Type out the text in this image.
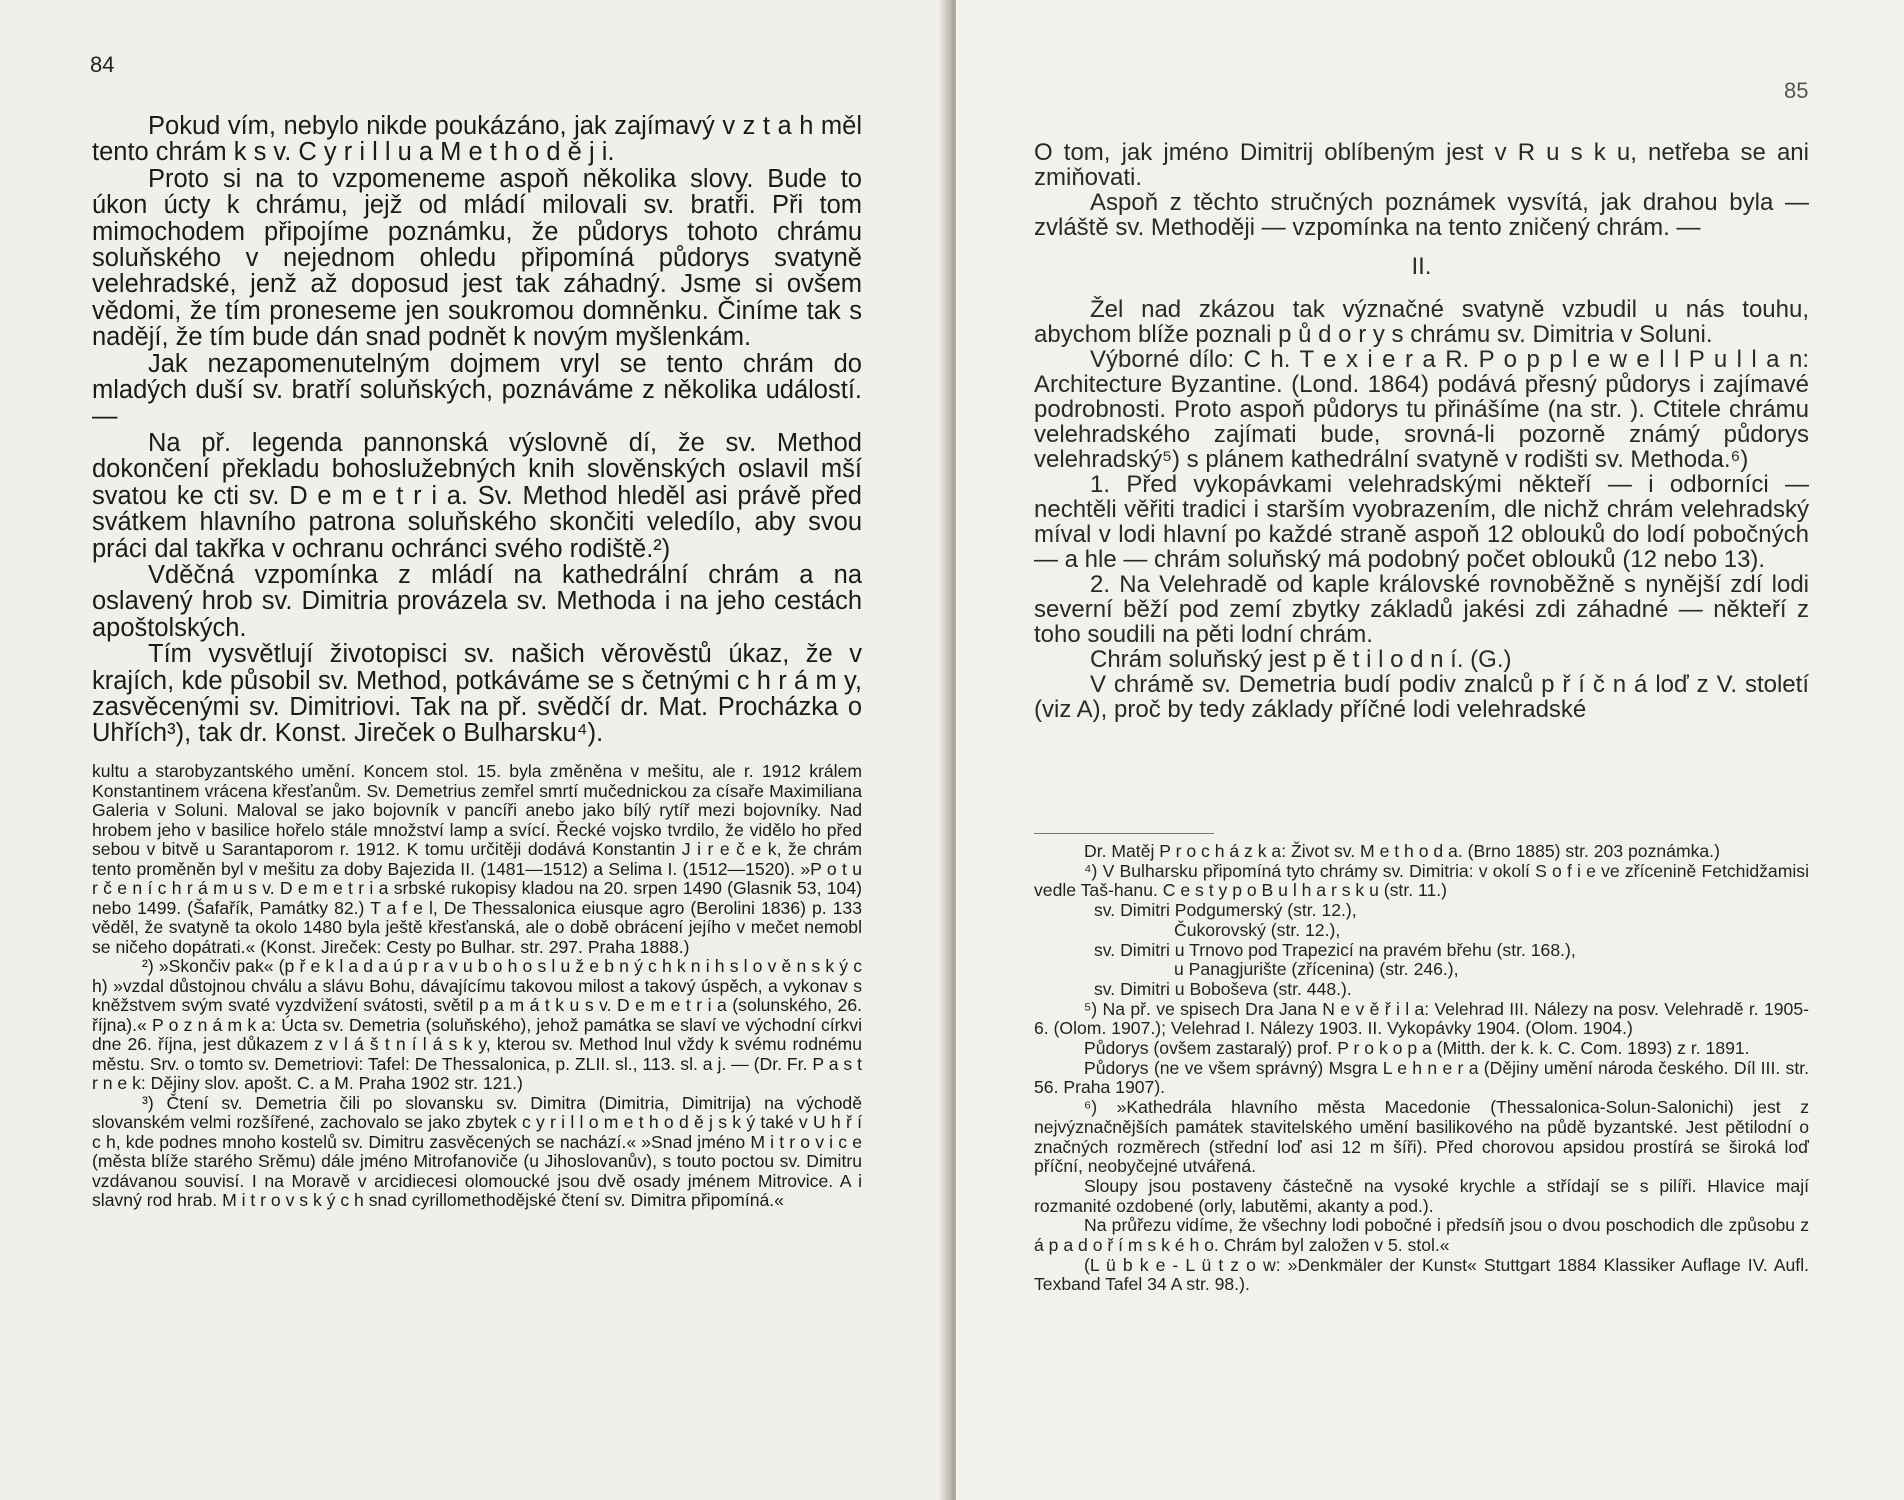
84

Pokud vím, nebylo nikde poukázáno, jak zajímavý v z t a h měl tento chrám k s v. C y r i l l u a M e t h o d ě j i.

Proto si na to vzpomeneme aspoň několika slovy. Bude to úkon úcty k chrámu, jejž od mládí milovali sv. bratři. Při tom mimochodem připojíme poznámku, že půdorys tohoto chrámu soluňského v nejednom ohledu připomíná půdorys svatyně velehradské, jenž až doposud jest tak záhadný. Jsme si ovšem vědomi, že tím proneseme jen soukromou domněnku. Činíme tak s nadějí, že tím bude dán snad podnět k novým myšlenkám.

Jak nezapomenutelným dojmem vryl se tento chrám do mladých duší sv. bratří soluňských, poznáváme z několika událostí. —

Na př. legenda pannonská výslovně dí, že sv. Method dokončení překladu bohoslužebných knih slověnských oslavil mší svatou ke cti sv. D e m e t r i a. Sv. Method hleděl asi právě před svátkem hlavního patrona soluňského skončiti veledílo, aby svou práci dal takřka v ochranu ochránci svého rodiště.²)

Vděčná vzpomínka z mládí na kathedrální chrám a na oslavený hrob sv. Dimitria provázela sv. Methoda i na jeho cestách apoštolských.

Tím vysvětlují životopisci sv. našich věrověstů úkaz, že v krajích, kde působil sv. Method, potkáváme se s četnými c h r á m y, zasvěcenými sv. Dimitriovi. Tak na př. svědčí dr. Mat. Procházka o Uhřích³), tak dr. Konst. Jireček o Bulharsku⁴).

kultu a starobyzantského umění. Koncem stol. 15. byla změněna v mešitu, ale r. 1912 králem Konstantinem vrácena křesťanům. Sv. Demetrius zemřel smrtí mučednickou za císaře Maximiliana Galeria v Soluni. Maloval se jako bojovník v pancíři anebo jako bílý rytíř mezi bojovníky. Nad hrobem jeho v basilice hořelo stále množství lamp a svící. Řecké vojsko tvrdilo, že vidělo ho před sebou v bitvě u Sarantaporom r. 1912. K tomu určitěji dodává Konstantin J i r e č e k, že chrám tento proměněn byl v mešitu za doby Bajezida II. (1481—1512) a Selima I. (1512—1520). »P o t u r č e n í c h r á m u s v. D e m e t r i a srbské rukopisy kladou na 20. srpen 1490 (Glasnik 53, 104) nebo 1499. (Šafařík, Památky 82.) T a f e l, De Thessalonica eiusque agro (Berolini 1836) p. 133 věděl, že svatyně ta okolo 1480 byla ještě křesťanská, ale o době obrácení jejího v mečet nemobl se ničeho dopátrati.« (Konst. Jireček: Cesty po Bulhar. str. 297. Praha 1888.)

²) »Skončiv pak« (p ř e k l a d a ú p r a v u b o h o s l u ž e b n ý c h k n i h s l o v ě n s k ý c h) »vzdal důstojnou chválu a slávu Bohu, dávajícímu takovou milost a takový úspěch, a vykonav s kněžstvem svým svaté vyzdvižení svátosti, světil p a m á t k u s v. D e m e t r i a (solunského, 26. října).« P o z n á m k a: Úcta sv. Demetria (soluňského), jehož památka se slaví ve východní církvi dne 26. října, jest důkazem z v l á š t n í l á s k y, kterou sv. Method lnul vždy k svému rodnému městu. Srv. o tomto sv. Demetriovi: Tafel: De Thessalonica, p. ZLII. sl., 113. sl. a j. — (Dr. Fr. P a s t r n e k: Dějiny slov. apošt. C. a M. Praha 1902 str. 121.)

³) Čtení sv. Demetria čili po slovansku sv. Dimitra (Dimitria, Dimitrija) na východě slovanském velmi rozšířené, zachovalo se jako zbytek c y r i l l o m e t h o d ě j s k ý také v U h ř í c h, kde podnes mnoho kostelů sv. Dimitru zasvěcených se nachází.« »Snad jméno M i t r o v i c e (města blíže starého Srěmu) dále jméno Mitrofanoviče (u Jihoslovanův), s touto poctou sv. Dimitru vzdávanou souvisí. I na Moravě v arcidiecesi olomoucké jsou dvě osady jménem Mitrovice. A i slavný rod hrab. M i t r o v s k ý c h snad cyrillomethodějské čtení sv. Dimitra připomíná.«

85

O tom, jak jméno Dimitrij oblíbeným jest v R u s k u, netřeba se ani zmiňovati.

Aspoň z těchto stručných poznámek vysvítá, jak drahou byla — zvláště sv. Methoději — vzpomínka na tento zničený chrám. —

II.

Žel nad zkázou tak význačné svatyně vzbudil u nás touhu, abychom blíže poznali p ů d o r y s chrámu sv. Dimitria v Soluni.

Výborné dílo: C h. T e x i e r a R. P o p p l e w e l l P u l l a n: Architecture Byzantine. (Lond. 1864) podává přesný půdorys i zajímavé podrobnosti. Proto aspoň půdorys tu přinášíme (na str. ). Ctitele chrámu velehradského zajímati bude, srovná-li pozorně známý půdorys velehradský⁵) s plánem kathedrální svatyně v rodišti sv. Methoda.⁶)

1. Před vykopávkami velehradskými někteří — i odborníci — nechtěli věřiti tradici i starším vyobrazením, dle nichž chrám velehradský míval v lodi hlavní po každé straně aspoň 12 oblouků do lodí pobočných — a hle — chrám soluňský má podobný počet oblouků (12 nebo 13).

2. Na Velehradě od kaple královské rovnoběžně s nynější zdí lodi severní běží pod zemí zbytky základů jakési zdi záhadné — někteří z toho soudili na pěti lodní chrám.

Chrám soluňský jest p ě t i l o d n í. (G.)

V chrámě sv. Demetria budí podiv znalců p ř í č n á loď z V. století (viz A), proč by tedy základy příčné lodi velehradské

Dr. Matěj P r o c h á z k a: Život sv. M e t h o d a. (Brno 1885) str. 203 poznámka.)

⁴) V Bulharsku připomíná tyto chrámy sv. Dimitria: v okolí S o f i e ve zřícenině Fetchidžamisi vedle Taš-hanu. C e s t y p o B u l h a r s k u (str. 11.)

sv. Dimitri Podgumerský (str. 12.),

Čukorovský (str. 12.),

sv. Dimitri u Trnovo pod Trapezicí na pravém břehu (str. 168.),

u Panagjurište (zřícenina) (str. 246.),

sv. Dimitri u Boboševa (str. 448.).

⁵) Na př. ve spisech Dra Jana N e v ě ř i l a: Velehrad III. Nálezy na posv. Velehradě r. 1905-6. (Olom. 1907.); Velehrad I. Nálezy 1903. II. Vykopávky 1904. (Olom. 1904.)

Půdorys (ovšem zastaralý) prof. P r o k o p a (Mitth. der k. k. C. Com. 1893) z r. 1891.

Půdorys (ne ve všem správný) Msgra L e h n e r a (Dějiny umění národa českého. Díl III. str. 56. Praha 1907).

⁶) »Kathedrála hlavního města Macedonie (Thessalonica-Solun-Salonichi) jest z nejvýznačnějších památek stavitelského umění basilikového na půdě byzantské. Jest pětilodní o značných rozměrech (střední loď asi 12 m šíři). Před chorovou apsidou prostírá se široká loď příční, neobyčejné utvářená.

Sloupy jsou postaveny částečně na vysoké krychle a střídají se s pilíři. Hlavice mají rozmanité ozdobené (orly, labutěmi, akanty a pod.).

Na průřezu vidíme, že všechny lodi pobočné i předsíň jsou o dvou poschodich dle způsobu z á p a d o ř í m s k é h o. Chrám byl založen v 5. stol.«

(L ü b k e - L ü t z o w: »Denkmäler der Kunst« Stuttgart 1884 Klassiker Auflage IV. Aufl. Texband Tafel 34 A str. 98.).
